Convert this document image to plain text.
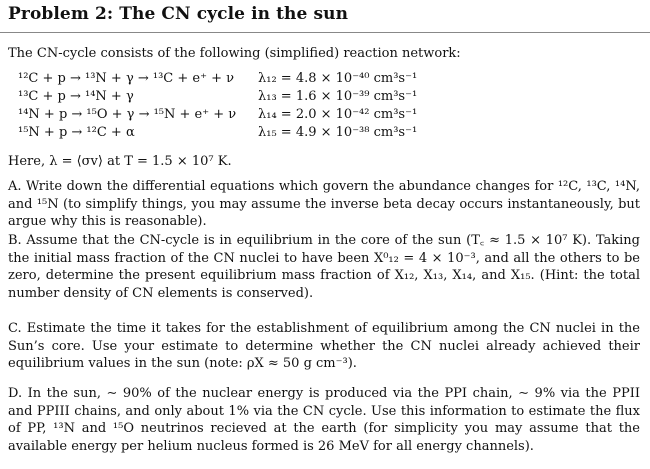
Problem 2: The CN cycle in the sun
The CN-cycle consists of the following (simplified) reaction network:
¹²C + p → ¹³N + γ → ¹³C + e⁺ + ν λ₁₂ = 4.8 × 10⁻⁴⁰ cm³s⁻¹
¹³C + p → ¹⁴N + γ	λ₁₃ = 1.6 × 10⁻³⁹ cm³s⁻¹
¹⁴N + p → ¹⁵O + γ → ¹⁵N + e⁺ + ν λ₁₄ = 2.0 × 10⁻⁴² cm³s⁻¹
¹⁵N + p → ¹²C + α	λ₁₅ = 4.9 × 10⁻³⁸ cm³s⁻¹
Here, λ = ⟨σv⟩ at T = 1.5 × 10⁷ K.
A. Write down the differential equations which govern the abundance changes for ¹²C, ¹³C, ¹⁴N, and ¹⁵N (to simplify things, you may assume the inverse beta decay occurs instantaneously, but argue why this is reasonable).
B. Assume that the CN-cycle is in equilibrium in the core of the sun (T꜀ ≈ 1.5 × 10⁷ K). Taking the initial mass fraction of the CN nuclei to have been X⁰₁₂ = 4 × 10⁻³, and all the others to be zero, determine the present equilibrium mass fraction of X₁₂, X₁₃, X₁₄, and X₁₅. (Hint: the total number density of CN elements is conserved).
C. Estimate the time it takes for the establishment of equilibrium among the CN nuclei in the Sun’s core. Use your estimate to determine whether the CN nuclei already achieved their equilibrium values in the sun (note: ρX ≈ 50 g cm⁻³).
D. In the sun, ∼ 90% of the nuclear energy is produced via the PPI chain, ∼ 9% via the PPII and PPIII chains, and only about 1% via the CN cycle. Use this information to estimate the flux of PP, ¹³N and ¹⁵O neutrinos recieved at the earth (for simplicity you may assume that the available energy per helium nucleus formed is 26 MeV for all energy channels).
